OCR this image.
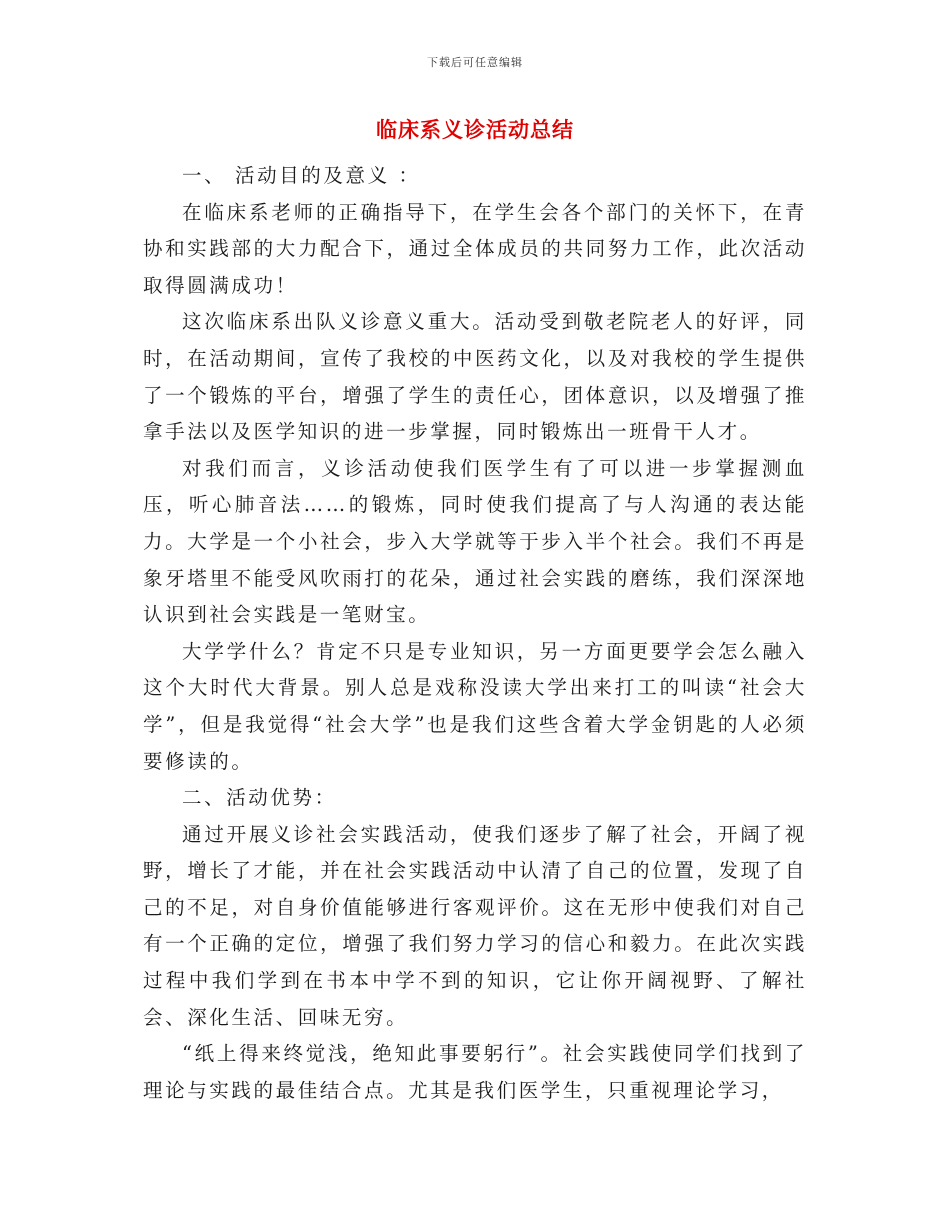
下载后可任意编辑
临床系义诊活动总结
一、 活动目的及意义 ：

在临床系老师的正确指导下，在学生会各个部门的关怀下，在青协和实践部的大力配合下，通过全体成员的共同努力工作，此次活动取得圆满成功！

这次临床系出队义诊意义重大。活动受到敬老院老人的好评，同时，在活动期间，宣传了我校的中医药文化，以及对我校的学生提供了一个锻炼的平台，增强了学生的责任心，团体意识，以及增强了推拿手法以及医学知识的进一步掌握，同时锻炼出一班骨干人才。

对我们而言，义诊活动使我们医学生有了可以进一步掌握测血压，听心肺音法……的锻炼，同时使我们提高了与人沟通的表达能力。大学是一个小社会，步入大学就等于步入半个社会。我们不再是象牙塔里不能受风吹雨打的花朵，通过社会实践的磨练，我们深深地认识到社会实践是一笔财宝。

大学学什么？肯定不只是专业知识，另一方面更要学会怎么融入这个大时代大背景。别人总是戏称没读大学出来打工的叫读“社会大学”，但是我觉得“社会大学”也是我们这些含着大学金钥匙的人必须要修读的。

二、活动优势：

通过开展义诊社会实践活动，使我们逐步了解了社会，开阔了视野，增长了才能，并在社会实践活动中认清了自己的位置，发现了自己的不足，对自身价值能够进行客观评价。这在无形中使我们对自己有一个正确的定位，增强了我们努力学习的信心和毅力。在此次实践过程中我们学到在书本中学不到的知识，它让你开阔视野、了解社会、深化生活、回味无穷。

“纸上得来终觉浅，绝知此事要躬行”。社会实践使同学们找到了理论与实践的最佳结合点。尤其是我们医学生，只重视理论学习，
